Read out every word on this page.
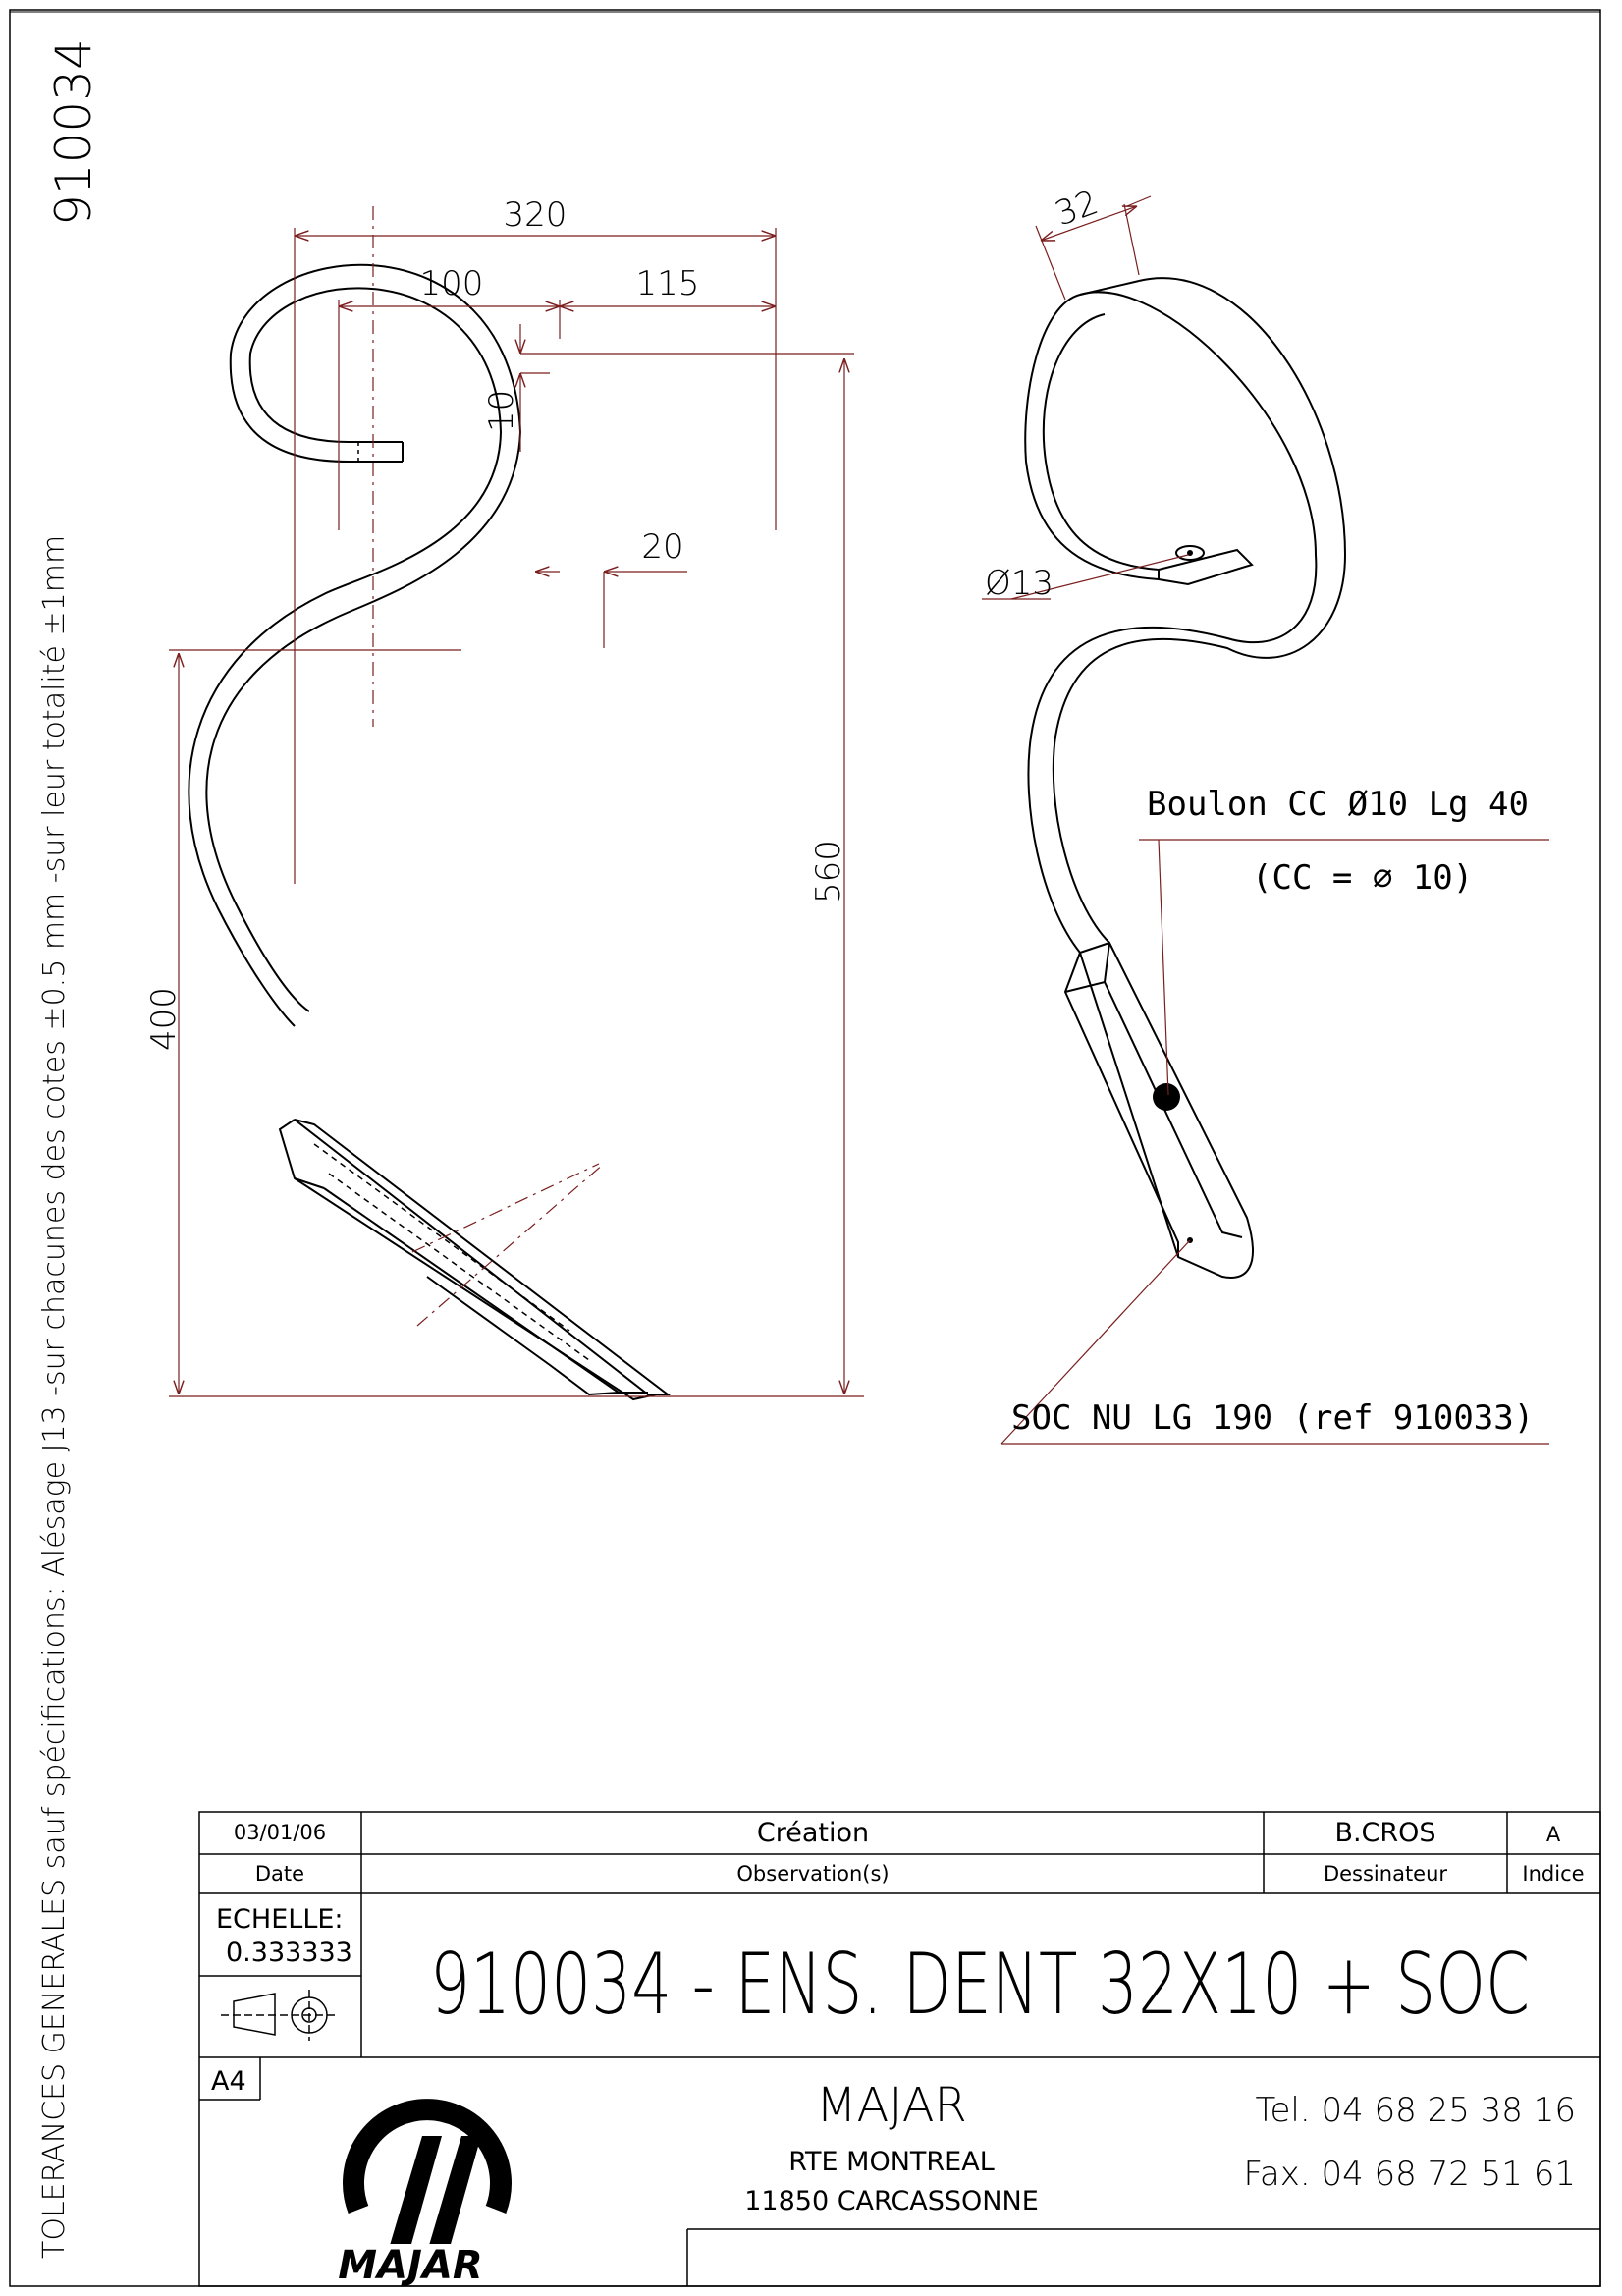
TOLERANCES GENERALES sauf spécifications: Alésage J13 -sur chacunes des cotes ±0.5 mm -sur leur totalité ±1mm
910034	320
100	115
10
20
560
400
32
Ø13
Boulon CC Ø10 Lg 40
(CC = ⌀ 10)
SOC NU LG 190 (ref 910033)
03/01/06
Date
Création
Observation(s)
B.CROS
Dessinateur
A
Indice
ECHELLE:
0.333333 910034 - ENS. DENT 32X10 + SOC
A4
MAJAR
MAJAR
RTE MONTREAL
11850 CARCASSONNE
Tel. 04 68 25 38 16
Fax. 04 68 72 51 61
